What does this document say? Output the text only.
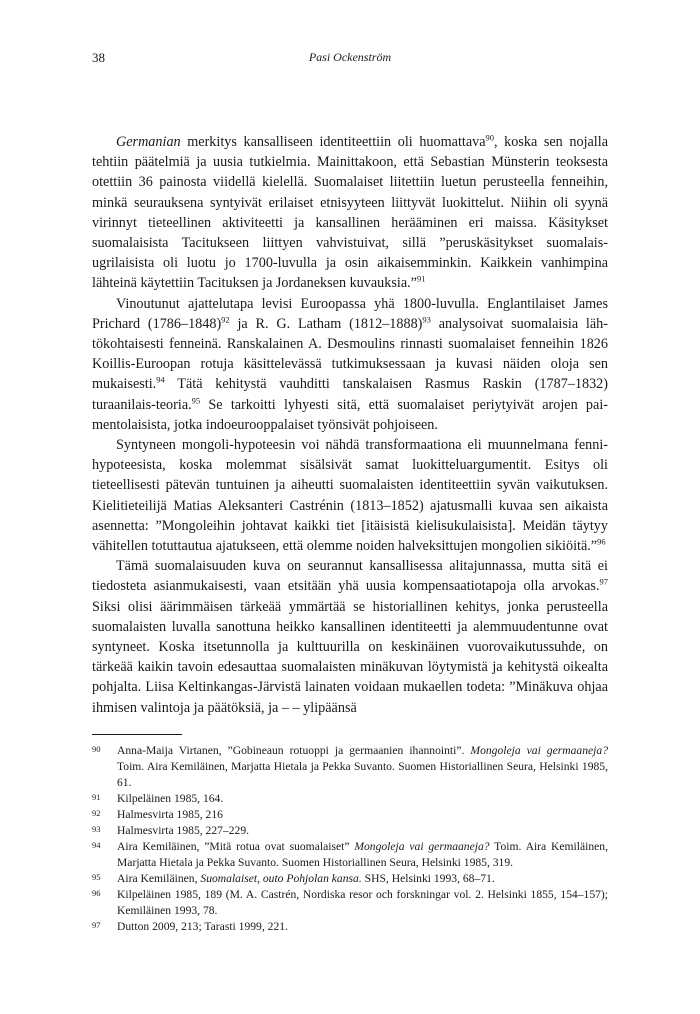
38	Pasi Ockenström

Germanian merkitys kansalliseen identiteettiin oli huomattava$^{90}$, koska sen nojalla tehtiin päätelmiä ja uusia tutkielmia. Mainittakoon, että Sebastian Münsterin teoksesta otettiin 36 painosta viidellä kielellä. Suomalaiset liitettiin luetun perusteella fenneihin, minkä seurauksena syntyivät erilaiset etnisyyteen liittyvät luokittelut. Niihin oli syynä virinnyt tieteellinen aktiviteetti ja kansallinen herääminen eri maissa. Käsitykset suomalaisista Tacitukseen liittyen vahvistuivat, sillä ”peruskäsitykset suomalais-ugrilaisista oli luotu jo 1700-luvulla ja osin aikaisemminkin. Kaikkein vanhimpina lähteinä käytettiin Tacituksen ja Jordaneksen kuvauksia.”$^{91}$

Vinoutunut ajattelutapa levisi Euroopassa yhä 1800-luvulla. Englantilaiset James Prichard (1786–1848)$^{92}$ ja R. G. Latham (1812–1888)$^{93}$ analysoivat suomalaisia lähtökohtaisesti fenneinä. Ranskalainen A. Desmoulins rinnasti suomalaiset fenneihin 1826 Koillis-Euroopan rotuja käsittelevässä tutkimuksessaan ja kuvasi näiden oloja sen mukaisesti.$^{94}$ Tätä kehitystä vauhditti tanskalaisen Rasmus Raskin (1787–1832) turaanilais-teoria.$^{95}$ Se tarkoitti lyhyesti sitä, että suomalaiset periytyivät arojen paimentolaisista, jotka indoeurooppalaiset työnsivät pohjoiseen.

Syntyneen mongoli-hypoteesin voi nähdä transformaationa eli muunnelmana fenni-hypoteesista, koska molemmat sisälsivät samat luokitteluargumentit. Esitys oli tieteellisesti pätevän tuntuinen ja aiheutti suomalaisten identiteettiin syvän vaikutuksen. Kielitieteilijä Matias Aleksanteri Castrénin (1813–1852) ajatusmalli kuvaa sen aikaista asennetta: ”Mongoleihin johtavat kaikki tiet [itäisistä kielisukulaisista]. Meidän täytyy vähitellen totuttautua ajatukseen, että olemme noiden halveksittujen mongolien sikiöitä.”$^{96}$

Tämä suomalaisuuden kuva on seurannut kansallisessa alitajunnassa, mutta sitä ei tiedosteta asianmukaisesti, vaan etsitään yhä uusia kompensaatiotapoja olla arvokas.$^{97}$ Siksi olisi äärimmäisen tärkeää ymmärtää se historiallinen kehitys, jonka perusteella suomalaisten luvalla sanottuna heikko kansallinen identiteetti ja alemmuudentunne ovat syntyneet. Koska itsetunnolla ja kulttuurilla on keskinäinen vuorovaikutussuhde, on tärkeää kaikin tavoin edesauttaa suomalaisten minäkuvan löytymistä ja kehitystä oikealta pohjalta. Liisa Keltinkangas-Järvistä lainaten voidaan mukaellen todeta: ”Minäkuva ohjaa ihmisen valintoja ja päätöksiä, ja – – ylipäänsä

90	Anna-Maija Virtanen, ”Gobineaun rotuoppi ja germaanien ihannointi”. Mongoleja vai germaaneja? Toim. Aira Kemiläinen, Marjatta Hietala ja Pekka Suvanto. Suomen Historiallinen Seura, Helsinki 1985, 61.
91	Kilpeläinen 1985, 164.
92	Halmesvirta 1985, 216
93	Halmesvirta 1985, 227–229.
94	Aira Kemiläinen, ”Mitä rotua ovat suomalaiset” Mongoleja vai germaaneja? Toim. Aira Kemiläinen, Marjatta Hietala ja Pekka Suvanto. Suomen Historiallinen Seura, Helsinki 1985, 319.
95	Aira Kemiläinen, Suomalaiset, outo Pohjolan kansa. SHS, Helsinki 1993, 68–71.
96	Kilpeläinen 1985, 189 (M. A. Castrén, Nordiska resor och forskningar vol. 2. Helsinki 1855, 154–157); Kemiläinen 1993, 78.
97	Dutton 2009, 213; Tarasti 1999, 221.
